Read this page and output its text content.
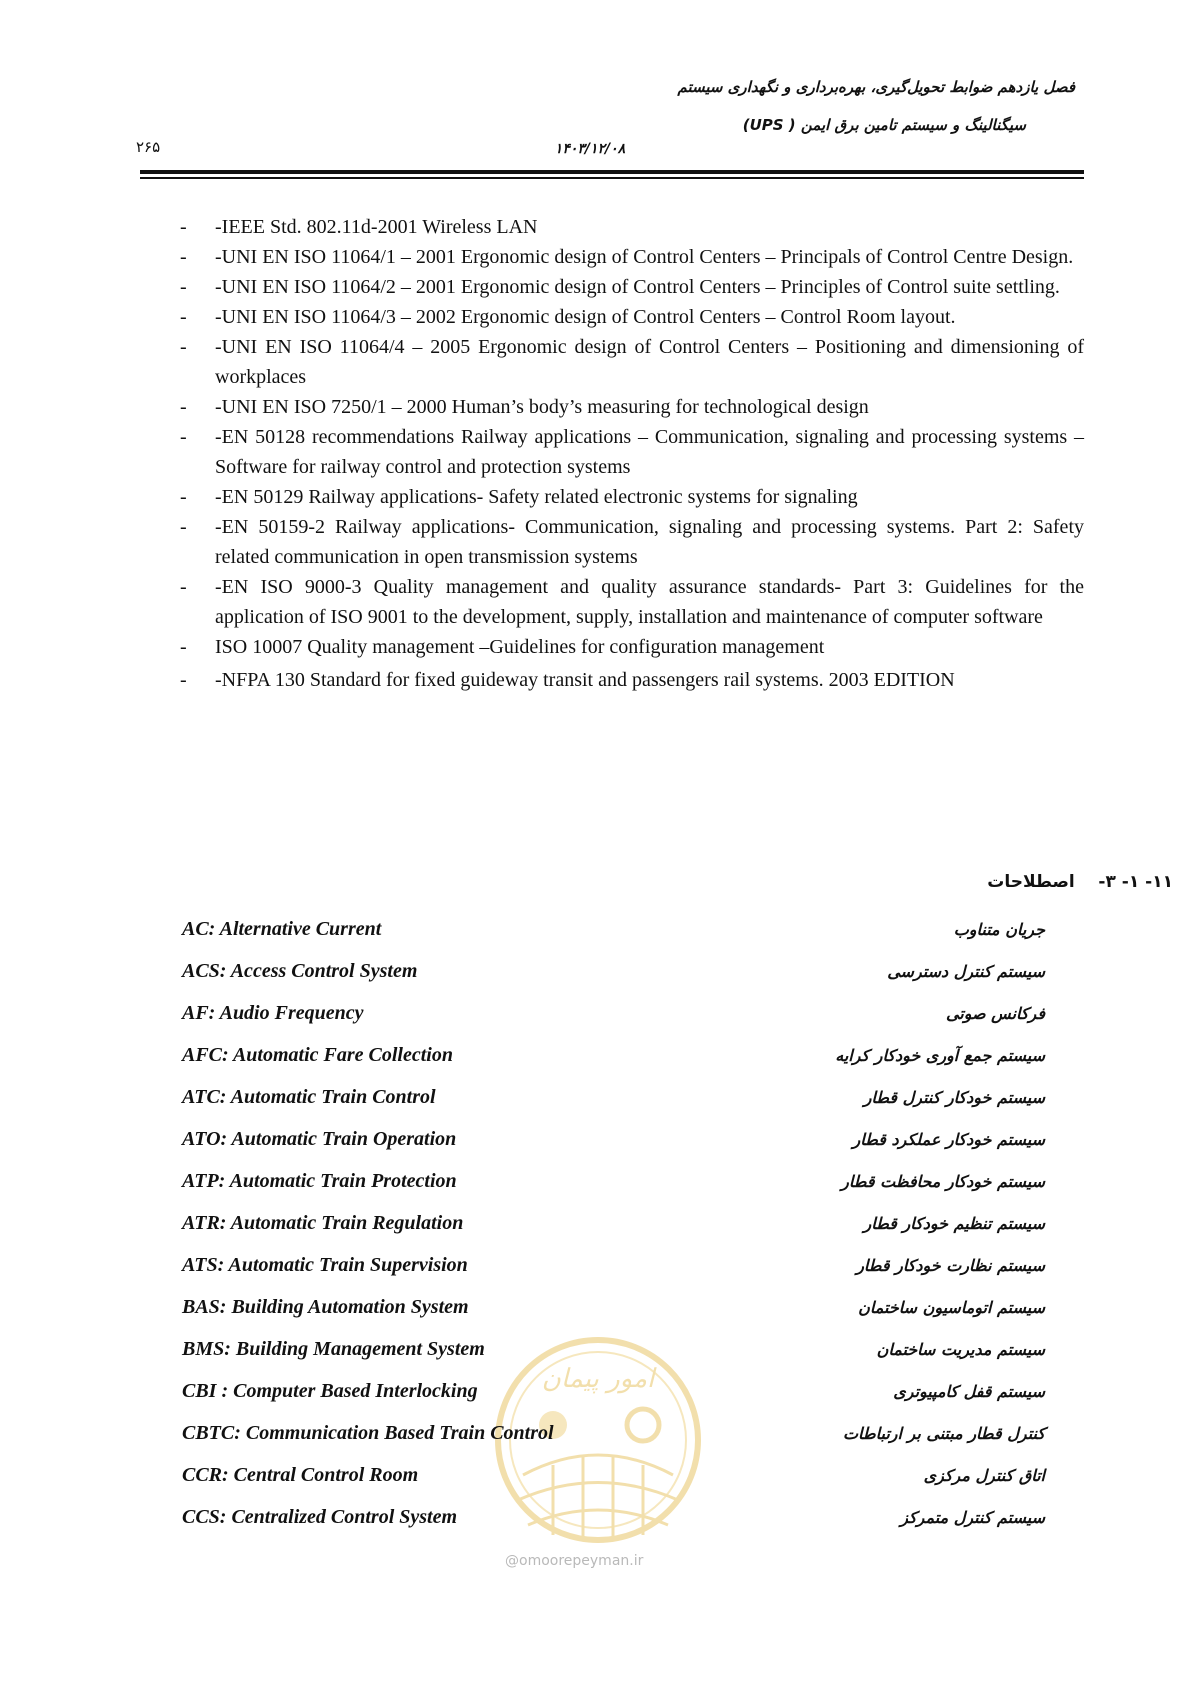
فصل یازدهم ضوابط تحویل‌گیری، بهره‌برداری و نگهداری سیستم
سیگنالینگ و سیستم تامین برق ایمن ( UPS)
۱۴۰۳/۱۲/۰۸
۲۶۵
- -IEEE Std. 802.11d-2001 Wireless LAN
- -UNI EN ISO 11064/1 – 2001 Ergonomic design of Control Centers – Principals of Control Centre Design.
- -UNI EN ISO 11064/2 – 2001 Ergonomic design of Control Centers – Principles of Control suite settling.
- -UNI EN ISO 11064/3 – 2002 Ergonomic design of Control Centers – Control Room layout.
- -UNI EN ISO 11064/4 – 2005 Ergonomic design of Control Centers – Positioning and dimensioning of workplaces
- -UNI EN ISO 7250/1 – 2000 Human’s body’s measuring for technological design
- -EN 50128 recommendations Railway applications – Communication, signaling and processing systems – Software for railway control and protection systems
- -EN 50129 Railway applications- Safety related electronic systems for signaling
- -EN 50159-2 Railway applications- Communication, signaling and processing systems. Part 2: Safety related communication in open transmission systems
- -EN ISO 9000-3 Quality management and quality assurance standards- Part 3: Guidelines for the application of ISO 9001 to the development, supply, installation and maintenance of computer software
- ISO 10007 Quality management –Guidelines for configuration management
- -NFPA 130 Standard for fixed guideway transit and passengers rail systems. 2003 EDITION
۱۱- ۱- ۳-    اصطلاحات
امور پیمان
@omoorepeyman.ir
AC: Alternative Current	جریان متناوب
ACS: Access Control System	سیستم کنترل دسترسی
AF: Audio Frequency	فرکانس صوتی
AFC: Automatic Fare Collection	سیستم جمع آوری خودکار کرایه
ATC: Automatic Train Control	سیستم خودکار کنترل قطار
ATO: Automatic Train Operation	سیستم خودکار عملکرد قطار
ATP: Automatic Train Protection	سیستم خودکار محافظت قطار
ATR: Automatic Train Regulation	سیستم تنظیم خودکار قطار
ATS: Automatic Train Supervision	سیستم نظارت خودکار قطار
BAS: Building Automation System	سیستم اتوماسیون ساختمان
BMS: Building Management System	سیستم مدیریت ساختمان
CBI : Computer Based Interlocking	سیستم قفل کامپیوتری
CBTC: Communication Based Train Control	کنترل قطار مبتنی بر ارتباطات
CCR: Central Control Room	اتاق کنترل مرکزی
CCS: Centralized Control System	سیستم کنترل متمرکز
